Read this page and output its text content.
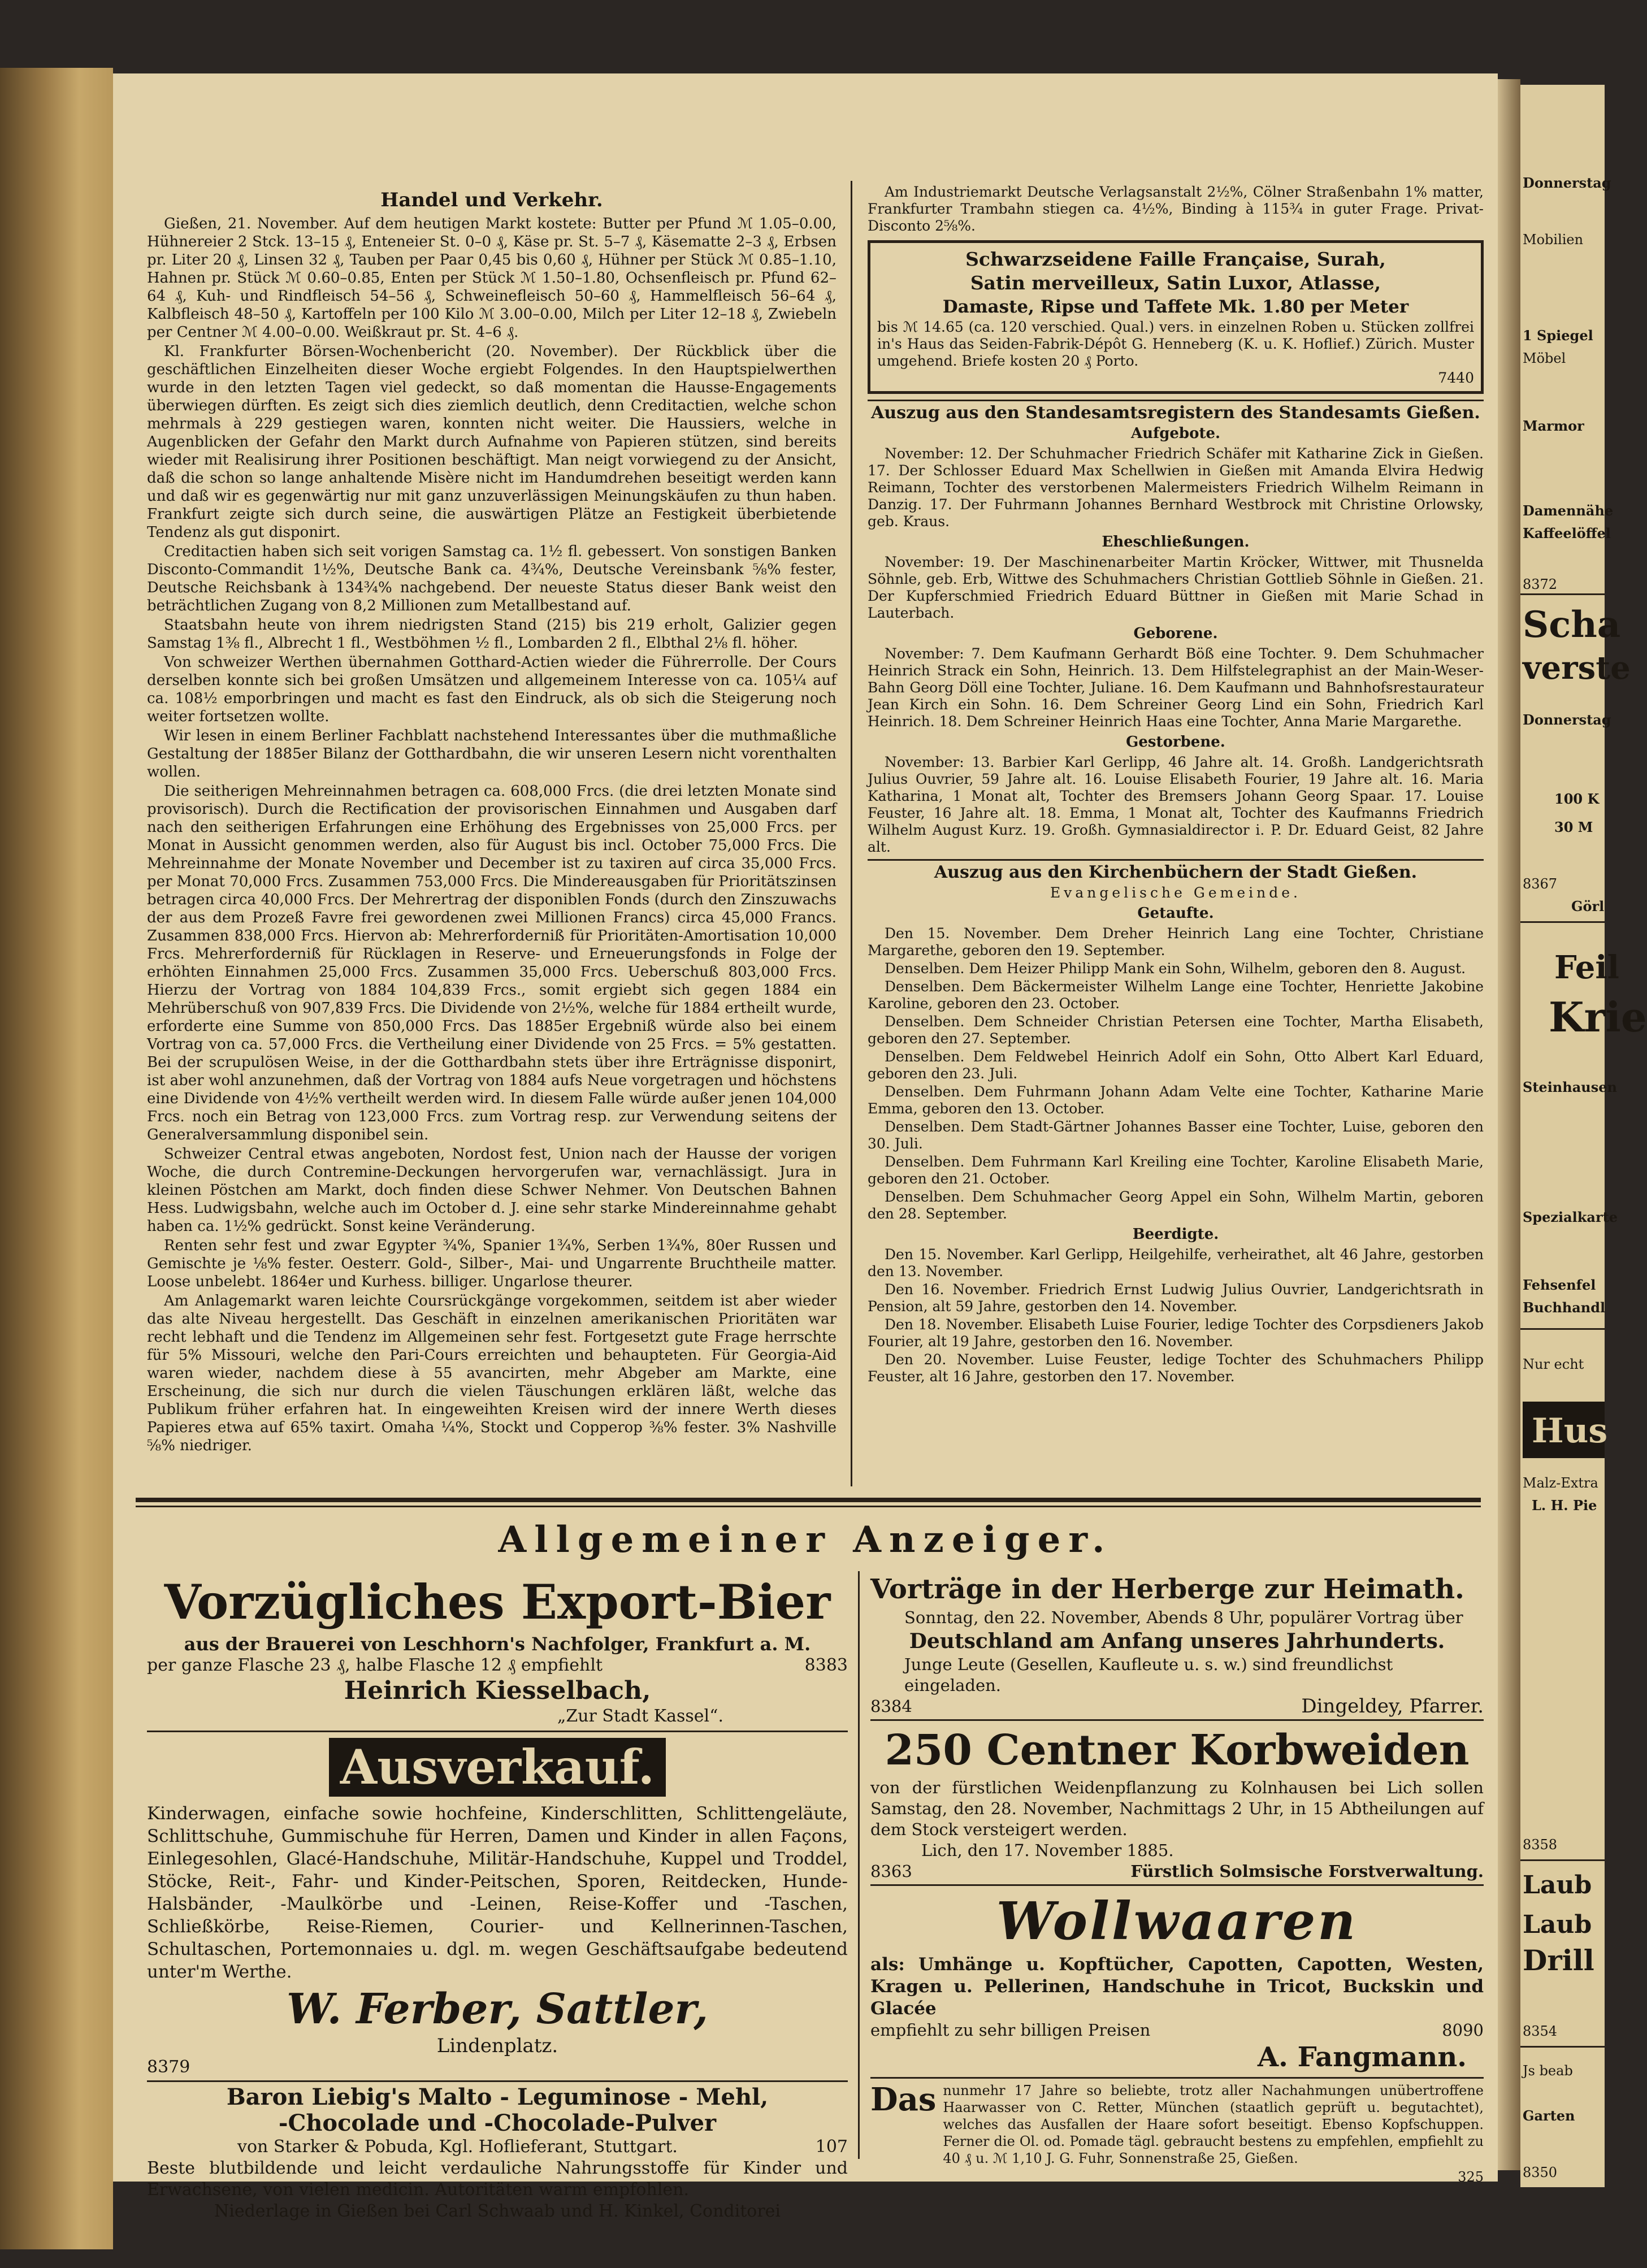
Handel und Verkehr.

Gießen, 21. November. Auf dem heutigen Markt kostete: Butter per Pfund ℳ 1.05–0.00, Hühnereier 2 Stck. 13–15 ₰, Enteneier St. 0–0 ₰, Käse pr. St. 5–7 ₰, Käsematte 2–3 ₰, Erbsen pr. Liter 20 ₰, Linsen 32 ₰, Tauben per Paar 0,45 bis 0,60 ₰, Hühner per Stück ℳ 0.85–1.10, Hahnen pr. Stück ℳ 0.60–0.85, Enten per Stück ℳ 1.50–1.80, Ochsenfleisch pr. Pfund 62–64 ₰, Kuh- und Rindfleisch 54–56 ₰, Schweinefleisch 50–60 ₰, Hammelfleisch 56–64 ₰, Kalbfleisch 48–50 ₰, Kartoffeln per 100 Kilo ℳ 3.00–0.00, Milch per Liter 12–18 ₰, Zwiebeln per Centner ℳ 4.00–0.00. Weißkraut pr. St. 4–6 ₰.

Kl. Frankfurter Börsen-Wochenbericht (20. November). Der Rückblick über die geschäftlichen Einzelheiten dieser Woche ergiebt Folgendes. In den Hauptspielwerthen wurde in den letzten Tagen viel gedeckt, so daß momentan die Hausse-Engagements überwiegen dürften. Es zeigt sich dies ziemlich deutlich, denn Creditactien, welche schon mehrmals à 229 gestiegen waren, konnten nicht weiter. Die Haussiers, welche in Augenblicken der Gefahr den Markt durch Aufnahme von Papieren stützen, sind bereits wieder mit Realisirung ihrer Positionen beschäftigt. Man neigt vorwiegend zu der Ansicht, daß die schon so lange anhaltende Misère nicht im Handumdrehen beseitigt werden kann und daß wir es gegenwärtig nur mit ganz unzuverlässigen Meinungskäufen zu thun haben. Frankfurt zeigte sich durch seine, die auswärtigen Plätze an Festigkeit überbietende Tendenz als gut disponirt.

Creditactien haben sich seit vorigen Samstag ca. 1½ fl. gebessert. Von sonstigen Banken Disconto-Commandit 1½%, Deutsche Bank ca. 4¾%, Deutsche Vereinsbank ⅝% fester, Deutsche Reichsbank à 134¾% nachgebend. Der neueste Status dieser Bank weist den beträchtlichen Zugang von 8,2 Millionen zum Metallbestand auf.

Staatsbahn heute von ihrem niedrigsten Stand (215) bis 219 erholt, Galizier gegen Samstag 1⅜ fl., Albrecht 1 fl., Westböhmen ½ fl., Lombarden 2 fl., Elbthal 2⅛ fl. höher.

Von schweizer Werthen übernahmen Gotthard-Actien wieder die Führerrolle. Der Cours derselben konnte sich bei großen Umsätzen und allgemeinem Interesse von ca. 105¼ auf ca. 108½ emporbringen und macht es fast den Eindruck, als ob sich die Steigerung noch weiter fortsetzen wollte.

Wir lesen in einem Berliner Fachblatt nachstehend Interessantes über die muthmaßliche Gestaltung der 1885er Bilanz der Gotthardbahn, die wir unseren Lesern nicht vorenthalten wollen.

Die seitherigen Mehreinnahmen betragen ca. 608,000 Frcs. (die drei letzten Monate sind provisorisch). Durch die Rectification der provisorischen Einnahmen und Ausgaben darf nach den seitherigen Erfahrungen eine Erhöhung des Ergebnisses von 25,000 Frcs. per Monat in Aussicht genommen werden, also für August bis incl. October 75,000 Frcs. Die Mehreinnahme der Monate November und December ist zu taxiren auf circa 35,000 Frcs. per Monat 70,000 Frcs. Zusammen 753,000 Frcs. Die Mindereausgaben für Prioritätszinsen betragen circa 40,000 Frcs. Der Mehrertrag der disponiblen Fonds (durch den Zinszuwachs der aus dem Prozeß Favre frei gewordenen zwei Millionen Francs) circa 45,000 Francs. Zusammen 838,000 Frcs. Hiervon ab: Mehrerforderniß für Prioritäten-Amortisation 10,000 Frcs. Mehrerforderniß für Rücklagen in Reserve- und Erneuerungsfonds in Folge der erhöhten Einnahmen 25,000 Frcs. Zusammen 35,000 Frcs. Ueberschuß 803,000 Frcs. Hierzu der Vortrag von 1884 104,839 Frcs., somit ergiebt sich gegen 1884 ein Mehrüberschuß von 907,839 Frcs. Die Dividende von 2½%, welche für 1884 ertheilt wurde, erforderte eine Summe von 850,000 Frcs. Das 1885er Ergebniß würde also bei einem Vortrag von ca. 57,000 Frcs. die Vertheilung einer Dividende von 25 Frcs. = 5% gestatten. Bei der scrupulösen Weise, in der die Gotthardbahn stets über ihre Erträgnisse disponirt, ist aber wohl anzunehmen, daß der Vortrag von 1884 aufs Neue vorgetragen und höchstens eine Dividende von 4½% vertheilt werden wird. In diesem Falle würde außer jenen 104,000 Frcs. noch ein Betrag von 123,000 Frcs. zum Vortrag resp. zur Verwendung seitens der Generalversammlung disponibel sein.

Schweizer Central etwas angeboten, Nordost fest, Union nach der Hausse der vorigen Woche, die durch Contremine-Deckungen hervorgerufen war, vernachlässigt. Jura in kleinen Pöstchen am Markt, doch finden diese Schwer Nehmer. Von Deutschen Bahnen Hess. Ludwigsbahn, welche auch im October d. J. eine sehr starke Mindereinnahme gehabt haben ca. 1½% gedrückt. Sonst keine Veränderung.

Renten sehr fest und zwar Egypter ¾%, Spanier 1¾%, Serben 1¾%, 80er Russen und Gemischte je ⅛% fester. Oesterr. Gold-, Silber-, Mai- und Ungarrente Bruchtheile matter. Loose unbelebt. 1864er und Kurhess. billiger. Ungarlose theurer.

Am Anlagemarkt waren leichte Coursrückgänge vorgekommen, seitdem ist aber wieder das alte Niveau hergestellt. Das Geschäft in einzelnen amerikanischen Prioritäten war recht lebhaft und die Tendenz im Allgemeinen sehr fest. Fortgesetzt gute Frage herrschte für 5% Missouri, welche den Pari-Cours erreichten und behaupteten. Für Georgia-Aid waren wieder, nachdem diese à 55 avancirten, mehr Abgeber am Markte, eine Erscheinung, die sich nur durch die vielen Täuschungen erklären läßt, welche das Publikum früher erfahren hat. In eingeweihten Kreisen wird der innere Werth dieses Papieres etwa auf 65% taxirt. Omaha ¼%, Stockt und Copperop ⅜% fester. 3% Nashville ⅝% niedriger.

Am Industriemarkt Deutsche Verlagsanstalt 2½%, Cölner Straßenbahn 1% matter, Frankfurter Trambahn stiegen ca. 4½%, Binding à 115¾ in guter Frage. Privat-Disconto 2⅝%.

Schwarzseidene Faille Française, Surah,
Satin merveilleux, Satin Luxor, Atlasse,
Damaste, Ripse und Taffete Mk. 1.80 per Meter
bis ℳ 14.65 (ca. 120 verschied. Qual.) vers. in einzelnen Roben u. Stücken zollfrei in's Haus das Seiden-Fabrik-Dépôt G. Henneberg (K. u. K. Hoflief.) Zürich. Muster umgehend. Briefe kosten 20 ₰ Porto.
7440
Auszug aus den Standesamtsregistern des Standesamts Gießen.
Aufgebote.

November: 12. Der Schuhmacher Friedrich Schäfer mit Katharine Zick in Gießen. 17. Der Schlosser Eduard Max Schellwien in Gießen mit Amanda Elvira Hedwig Reimann, Tochter des verstorbenen Malermeisters Friedrich Wilhelm Reimann in Danzig. 17. Der Fuhrmann Johannes Bernhard Westbrock mit Christine Orlowsky, geb. Kraus.

Eheschließungen.

November: 19. Der Maschinenarbeiter Martin Kröcker, Wittwer, mit Thusnelda Söhnle, geb. Erb, Wittwe des Schuhmachers Christian Gottlieb Söhnle in Gießen. 21. Der Kupferschmied Friedrich Eduard Büttner in Gießen mit Marie Schad in Lauterbach.

Geborene.

November: 7. Dem Kaufmann Gerhardt Böß eine Tochter. 9. Dem Schuhmacher Heinrich Strack ein Sohn, Heinrich. 13. Dem Hilfstelegraphist an der Main-Weser-Bahn Georg Döll eine Tochter, Juliane. 16. Dem Kaufmann und Bahnhofsrestaurateur Jean Kirch ein Sohn. 16. Dem Schreiner Georg Lind ein Sohn, Friedrich Karl Heinrich. 18. Dem Schreiner Heinrich Haas eine Tochter, Anna Marie Margarethe.

Gestorbene.

November: 13. Barbier Karl Gerlipp, 46 Jahre alt. 14. Großh. Landgerichtsrath Julius Ouvrier, 59 Jahre alt. 16. Louise Elisabeth Fourier, 19 Jahre alt. 16. Maria Katharina, 1 Monat alt, Tochter des Bremsers Johann Georg Spaar. 17. Louise Feuster, 16 Jahre alt. 18. Emma, 1 Monat alt, Tochter des Kaufmanns Friedrich Wilhelm August Kurz. 19. Großh. Gymnasialdirector i. P. Dr. Eduard Geist, 82 Jahre alt.

Auszug aus den Kirchenbüchern der Stadt Gießen.
Evangelische Gemeinde.
Getaufte.

Den 15. November. Dem Dreher Heinrich Lang eine Tochter, Christiane Margarethe, geboren den 19. September.

Denselben. Dem Heizer Philipp Mank ein Sohn, Wilhelm, geboren den 8. August.

Denselben. Dem Bäckermeister Wilhelm Lange eine Tochter, Henriette Jakobine Karoline, geboren den 23. October.

Denselben. Dem Schneider Christian Petersen eine Tochter, Martha Elisabeth, geboren den 27. September.

Denselben. Dem Feldwebel Heinrich Adolf ein Sohn, Otto Albert Karl Eduard, geboren den 23. Juli.

Denselben. Dem Fuhrmann Johann Adam Velte eine Tochter, Katharine Marie Emma, geboren den 13. October.

Denselben. Dem Stadt-Gärtner Johannes Basser eine Tochter, Luise, geboren den 30. Juli.

Denselben. Dem Fuhrmann Karl Kreiling eine Tochter, Karoline Elisabeth Marie, geboren den 21. October.

Denselben. Dem Schuhmacher Georg Appel ein Sohn, Wilhelm Martin, geboren den 28. September.

Beerdigte.

Den 15. November. Karl Gerlipp, Heilgehilfe, verheirathet, alt 46 Jahre, gestorben den 13. November.

Den 16. November. Friedrich Ernst Ludwig Julius Ouvrier, Landgerichtsrath in Pension, alt 59 Jahre, gestorben den 14. November.

Den 18. November. Elisabeth Luise Fourier, ledige Tochter des Corpsdieners Jakob Fourier, alt 19 Jahre, gestorben den 16. November.

Den 20. November. Luise Feuster, ledige Tochter des Schuhmachers Philipp Feuster, alt 16 Jahre, gestorben den 17. November.

Allgemeiner Anzeiger.
Vorzügliches Export-Bier
aus der Brauerei von Leschhorn's Nachfolger, Frankfurt a. M.
per ganze Flasche 23 ₰, halbe Flasche 12 ₰ empfiehlt	8383
Heinrich Kiesselbach,
„Zur Stadt Kassel“.
Ausverkauf.

Kinderwagen, einfache sowie hochfeine, Kinderschlitten, Schlittengeläute, Schlittschuhe, Gummischuhe für Herren, Damen und Kinder in allen Façons, Einlegesohlen, Glacé-Handschuhe, Militär-Handschuhe, Kuppel und Troddel, Stöcke, Reit-, Fahr- und Kinder-Peitschen, Sporen, Reitdecken, Hunde-Halsbänder, -Maulkörbe und -Leinen, Reise-Koffer und -Taschen, Schließkörbe, Reise-Riemen, Courier- und Kellnerinnen-Taschen, Schultaschen, Portemonnaies u. dgl. m. wegen Geschäftsaufgabe bedeutend unter'm Werthe.

W. Ferber, Sattler,
Lindenplatz.
8379
Baron Liebig's Malto - Leguminose - Mehl,
-Chocolade und -Chocolade-Pulver
von Starker & Pobuda, Kgl. Hoflieferant, Stuttgart.	107

Beste blutbildende und leicht verdauliche Nahrungsstoffe für Kinder und Erwachsene, von vielen medicin. Autoritäten warm empfohlen.

Niederlage in Gießen bei Carl Schwaab und H. Kinkel, Conditorei
Vorträge in der Herberge zur Heimath.
Sonntag, den 22. November, Abends 8 Uhr, populärer Vortrag über
Deutschland am Anfang unseres Jahrhunderts.
Junge Leute (Gesellen, Kaufleute u. s. w.) sind freundlichst eingeladen.
8384	Dingeldey, Pfarrer.
250 Centner Korbweiden

von der fürstlichen Weidenpflanzung zu Kolnhausen bei Lich sollen Samstag, den 28. November, Nachmittags 2 Uhr, in 15 Abtheilungen auf dem Stock versteigert werden.

Lich, den 17. November 1885.
8363	Fürstlich Solmsische Forstverwaltung.
Wollwaaren

als: Umhänge u. Kopftücher, Capotten, Capotten, Westen, Kragen u. Pellerinen, Handschuhe in Tricot, Buckskin und Glacée

empfiehlt zu sehr billigen Preisen	8090
A. Fangmann.
Das nunmehr 17 Jahre so beliebte, trotz aller Nachahmungen unübertroffene Haarwasser von C. Retter, München (staatlich geprüft u. begutachtet), welches das Ausfallen der Haare sofort beseitigt. Ebenso Kopfschuppen. Ferner die Ol. od. Pomade tägl. gebraucht bestens zu empfehlen, empfiehlt zu 40 ₰ u. ℳ 1,10 J. G. Fuhr, Sonnenstraße 25, Gießen.
325
Donnerstag
Mobilien
1 Spiegel
Möbel
Marmor
Damennähe
Kaffeelöffel
8372
Scha
verste
Donnerstag
100 K
30 M
8367
Görl
Feil
Krie
Steinhausen
Spezialkarte
Fehsenfel
Buchhandl
Nur echt
Hus
Malz-Extra
L. H. Pie
8358
Laub
Laub
Drill
8354
Js beab
Garten
8350
